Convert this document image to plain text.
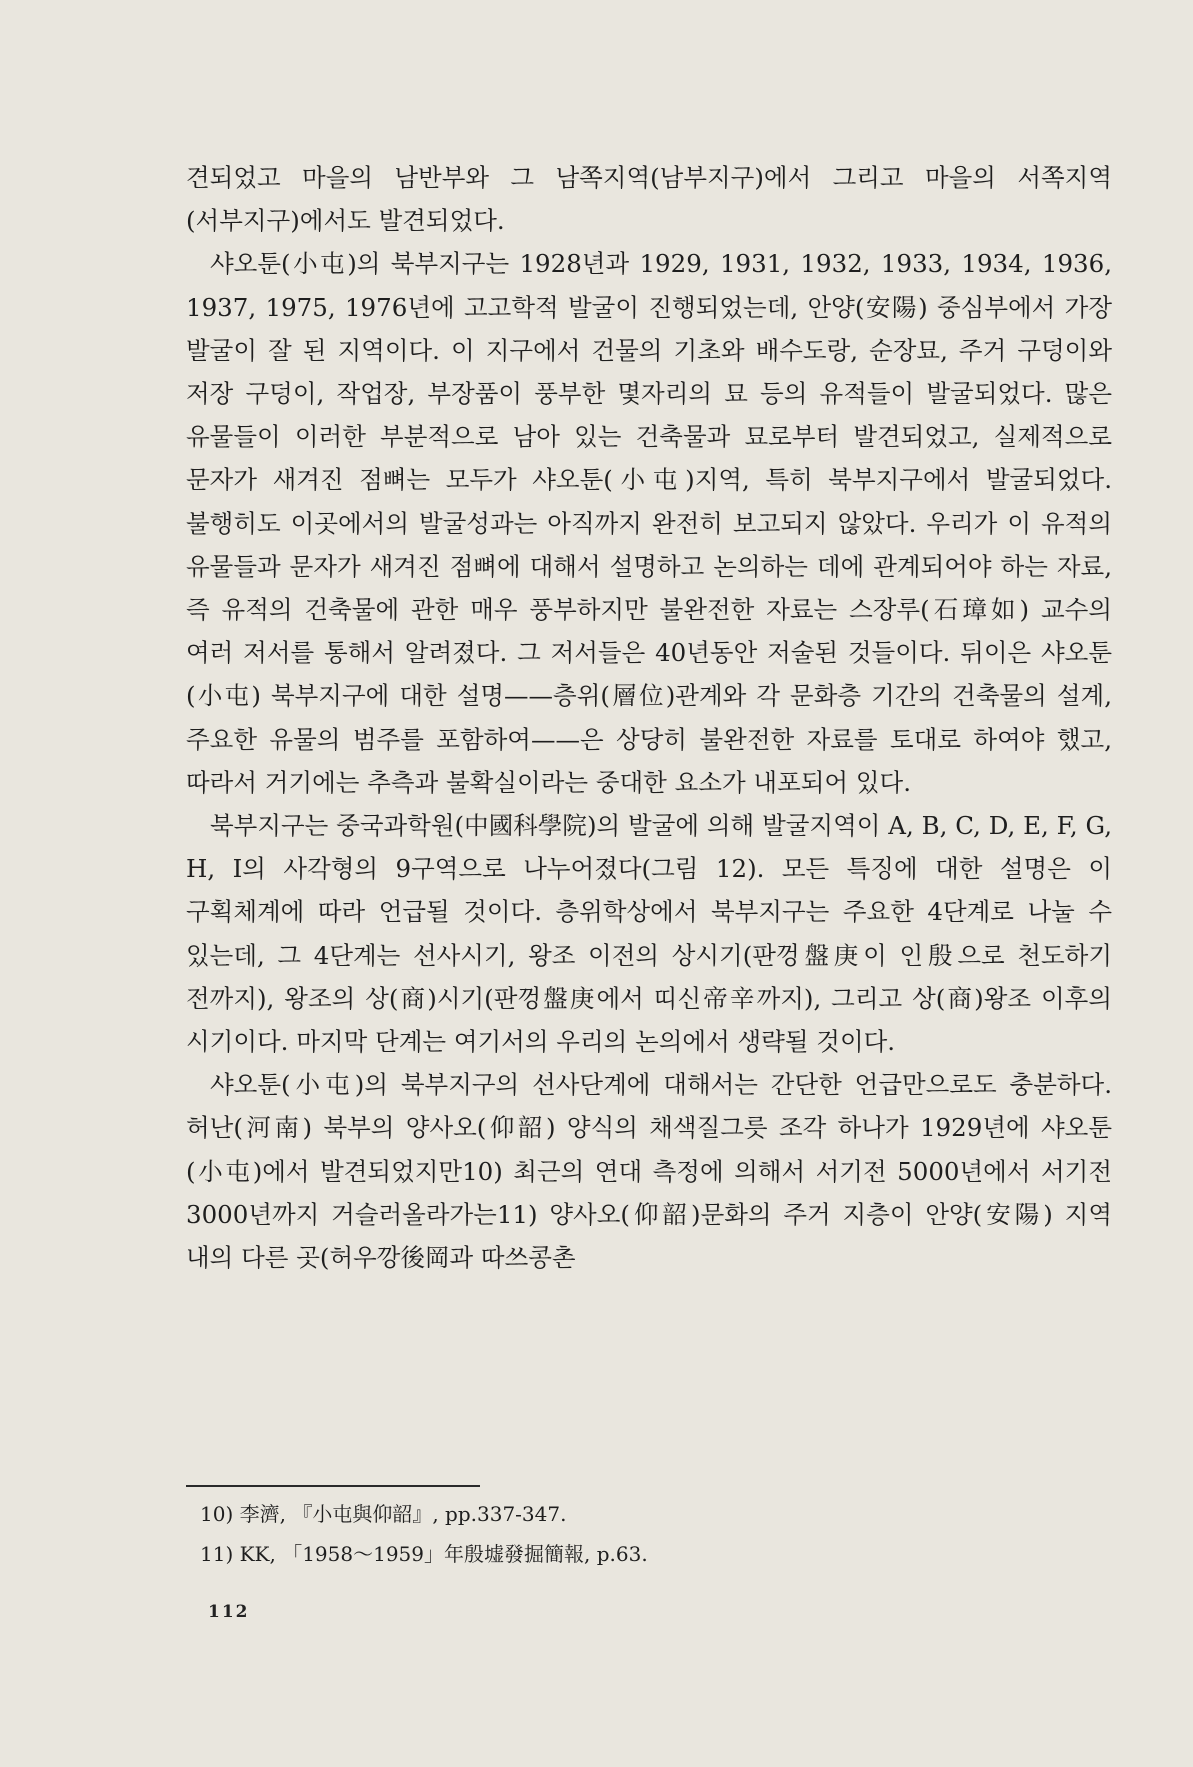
견되었고 마을의 남반부와 그 남쪽지역(남부지구)에서 그리고 마을의 서쪽지역(서부지구)에서도 발견되었다.

샤오툰(小屯)의 북부지구는 1928년과 1929, 1931, 1932, 1933, 1934, 1936, 1937, 1975, 1976년에 고고학적 발굴이 진행되었는데, 안양(安陽) 중심부에서 가장 발굴이 잘 된 지역이다. 이 지구에서 건물의 기초와 배수도랑, 순장묘, 주거 구덩이와 저장 구덩이, 작업장, 부장품이 풍부한 몇자리의 묘 등의 유적들이 발굴되었다. 많은 유물들이 이러한 부분적으로 남아 있는 건축물과 묘로부터 발견되었고, 실제적으로 문자가 새겨진 점뼈는 모두가 샤오툰(小屯)지역, 특히 북부지구에서 발굴되었다. 불행히도 이곳에서의 발굴성과는 아직까지 완전히 보고되지 않았다. 우리가 이 유적의 유물들과 문자가 새겨진 점뼈에 대해서 설명하고 논의하는 데에 관계되어야 하는 자료, 즉 유적의 건축물에 관한 매우 풍부하지만 불완전한 자료는 스장루(石璋如) 교수의 여러 저서를 통해서 알려졌다. 그 저서들은 40년동안 저술된 것들이다. 뒤이은 샤오툰(小屯) 북부지구에 대한 설명——층위(層位)관계와 각 문화층 기간의 건축물의 설계, 주요한 유물의 범주를 포함하여——은 상당히 불완전한 자료를 토대로 하여야 했고, 따라서 거기에는 추측과 불확실이라는 중대한 요소가 내포되어 있다.

북부지구는 중국과학원(中國科學院)의 발굴에 의해 발굴지역이 A, B, C, D, E, F, G, H, I의 사각형의 9구역으로 나누어졌다(그림 12). 모든 특징에 대한 설명은 이 구획체계에 따라 언급될 것이다. 층위학상에서 북부지구는 주요한 4단계로 나눌 수 있는데, 그 4단계는 선사시기, 왕조 이전의 상시기(판껑盤庚이 인殷으로 천도하기 전까지), 왕조의 상(商)시기(판껑盤庚에서 띠신帝辛까지), 그리고 상(商)왕조 이후의 시기이다. 마지막 단계는 여기서의 우리의 논의에서 생략될 것이다.

샤오툰(小屯)의 북부지구의 선사단계에 대해서는 간단한 언급만으로도 충분하다. 허난(河南) 북부의 양사오(仰韶) 양식의 채색질그릇 조각 하나가 1929년에 샤오툰(小屯)에서 발견되었지만10) 최근의 연대 측정에 의해서 서기전 5000년에서 서기전 3000년까지 거슬러올라가는11) 양사오(仰韶)문화의 주거 지층이 안양(安陽) 지역 내의 다른 곳(허우깡後岡과 따쓰콩촌

10) 李濟, 『小屯與仰韶』, pp.337-347.
11) KK, 「1958～1959」年殷墟發掘簡報, p.63.
112
